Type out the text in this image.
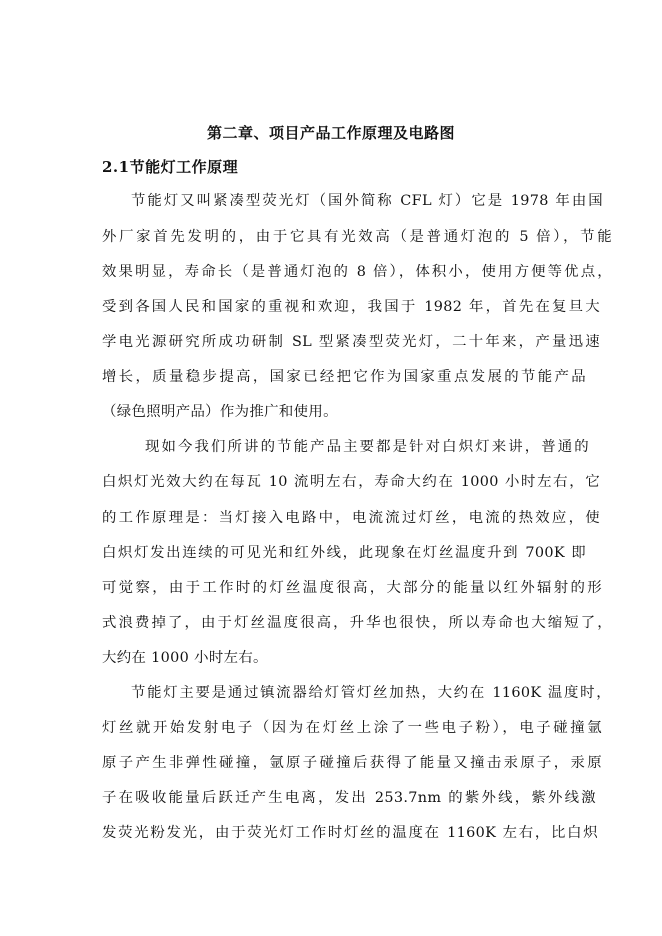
第二章、项目产品工作原理及电路图
2.1节能灯工作原理
节能灯又叫紧凑型荧光灯（国外简称 CFL 灯）它是 1978 年由国
外厂家首先发明的，由于它具有光效高（是普通灯泡的 5 倍），节能
效果明显，寿命长（是普通灯泡的 8 倍），体积小，使用方便等优点，
受到各国人民和国家的重视和欢迎，我国于 1982 年，首先在复旦大
学电光源研究所成功研制 SL 型紧凑型荧光灯，二十年来，产量迅速
增长，质量稳步提高，国家已经把它作为国家重点发展的节能产品
（绿色照明产品）作为推广和使用。
现如今我们所讲的节能产品主要都是针对白炽灯来讲，普通的
白炽灯光效大约在每瓦 10 流明左右，寿命大约在 1000 小时左右，它
的工作原理是：当灯接入电路中，电流流过灯丝，电流的热效应，使
白炽灯发出连续的可见光和红外线，此现象在灯丝温度升到 700K 即
可觉察，由于工作时的灯丝温度很高，大部分的能量以红外辐射的形
式浪费掉了，由于灯丝温度很高，升华也很快，所以寿命也大缩短了，
大约在 1000 小时左右。
节能灯主要是通过镇流器给灯管灯丝加热，大约在 1160K 温度时，
灯丝就开始发射电子（因为在灯丝上涂了一些电子粉），电子碰撞氩
原子产生非弹性碰撞，氩原子碰撞后获得了能量又撞击汞原子，汞原
子在吸收能量后跃迁产生电离，发出 253.7nm 的紫外线，紫外线激
发荧光粉发光，由于荧光灯工作时灯丝的温度在 1160K 左右，比白炽
